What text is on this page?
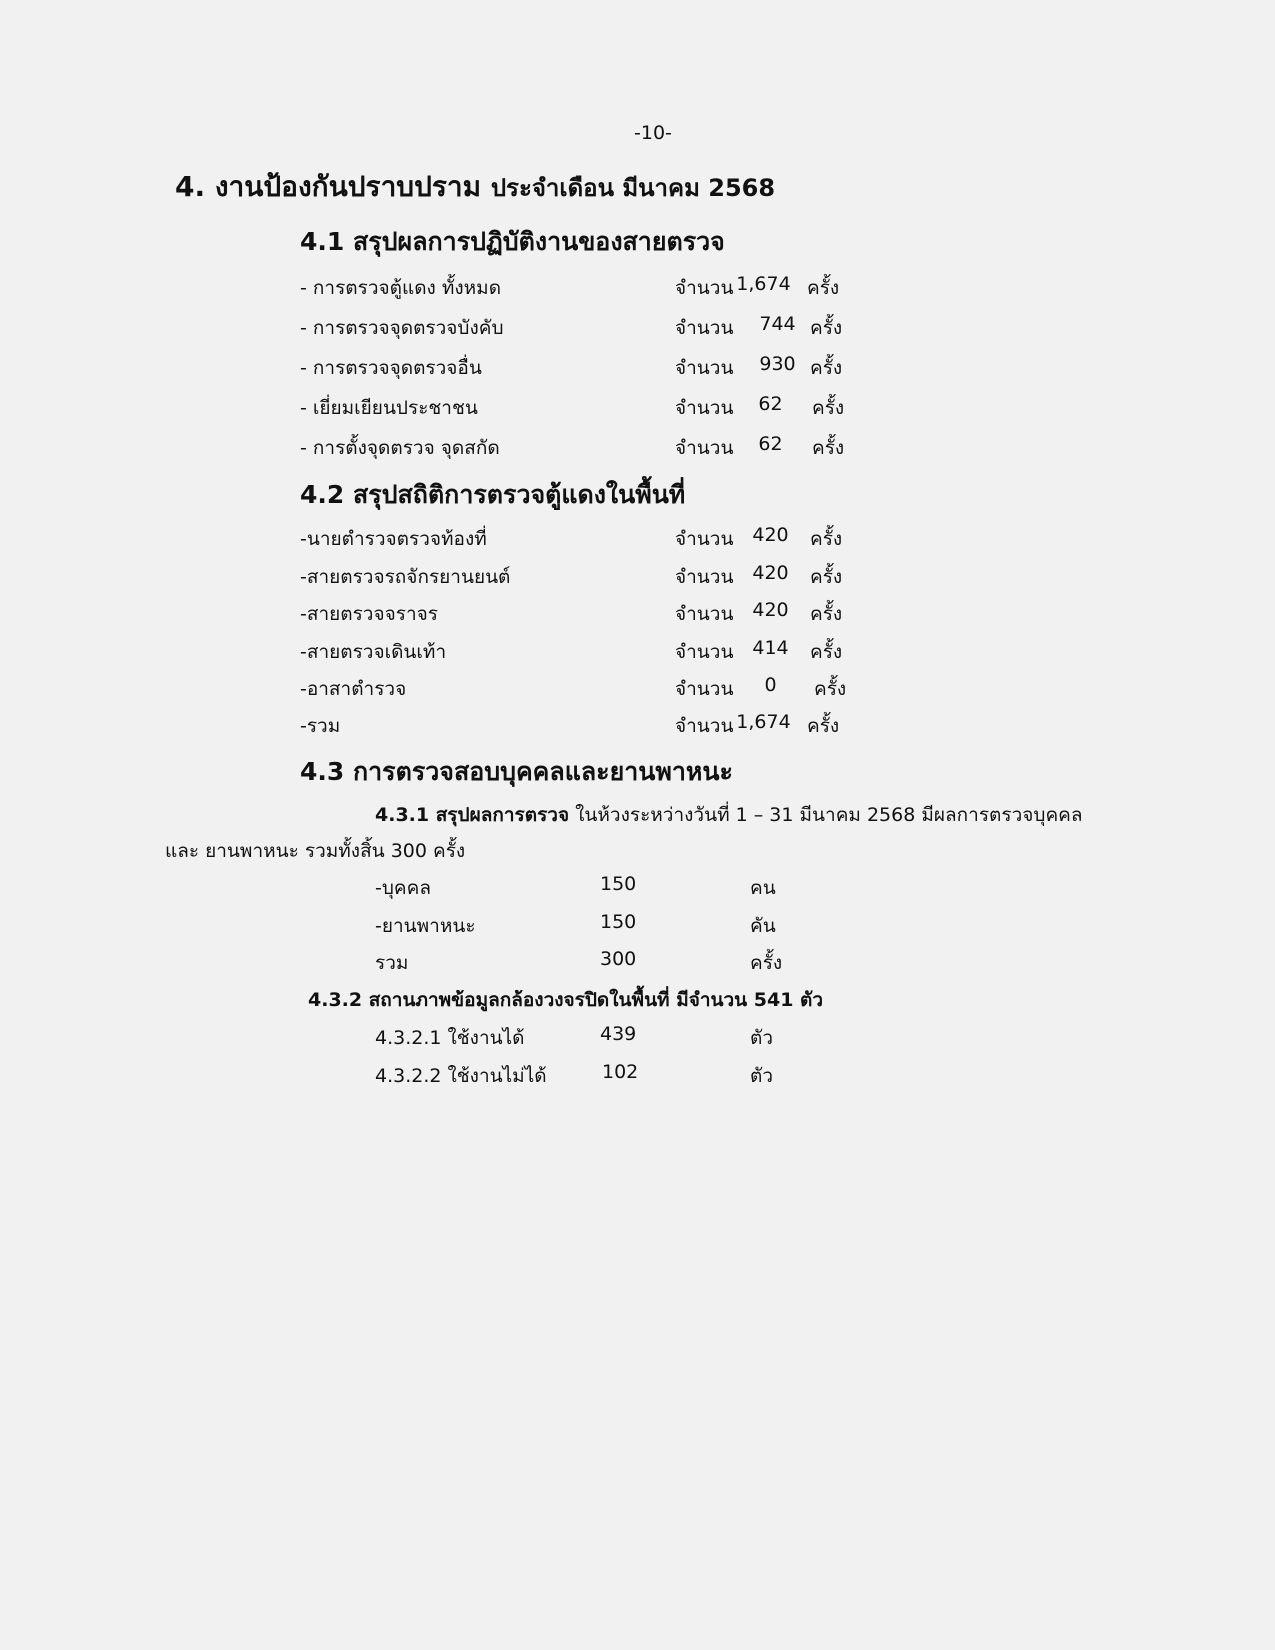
-10-
4. งานป้องกันปราบปราม ประจำเดือน มีนาคม 2568
4.1 สรุปผลการปฏิบัติงานของสายตรวจ
- การตรวจตู้แดง ทั้งหมด	จำนวน 1,674 ครั้ง
- การตรวจจุดตรวจบังคับ	จำนวน	744 ครั้ง
- การตรวจจุดตรวจอื่น	จำนวน	930 ครั้ง
- เยี่ยมเยียนประชาชน	จำนวน	62	ครั้ง
- การตั้งจุดตรวจ จุดสกัด	จำนวน	62	ครั้ง
4.2 สรุปสถิติการตรวจตู้แดงในพื้นที่
-นายตำรวจตรวจท้องที่	จำนวน 420	ครั้ง
-สายตรวจรถจักรยานยนต์	จำนวน 420	ครั้ง
-สายตรวจจราจร	จำนวน 420	ครั้ง
-สายตรวจเดินเท้า	จำนวน 414	ครั้ง
-อาสาตำรวจ	จำนวน	0	ครั้ง
-รวม	จำนวน 1,674 ครั้ง
4.3 การตรวจสอบบุคคลและยานพาหนะ
4.3.1 สรุปผลการตรวจ ในห้วงระหว่างวันที่ 1 – 31 มีนาคม 2568 มีผลการตรวจบุคคล
และ ยานพาหนะ รวมทั้งสิ้น 300 ครั้ง
-บุคคล	150	คน
-ยานพาหนะ	150	คัน
รวม	300	ครั้ง
4.3.2 สถานภาพข้อมูลกล้องวงจรปิดในพื้นที่ มีจำนวน 541 ตัว
4.3.2.1 ใช้งานได้	439	ตัว
4.3.2.2 ใช้งานไม่ได้	102	ตัว
